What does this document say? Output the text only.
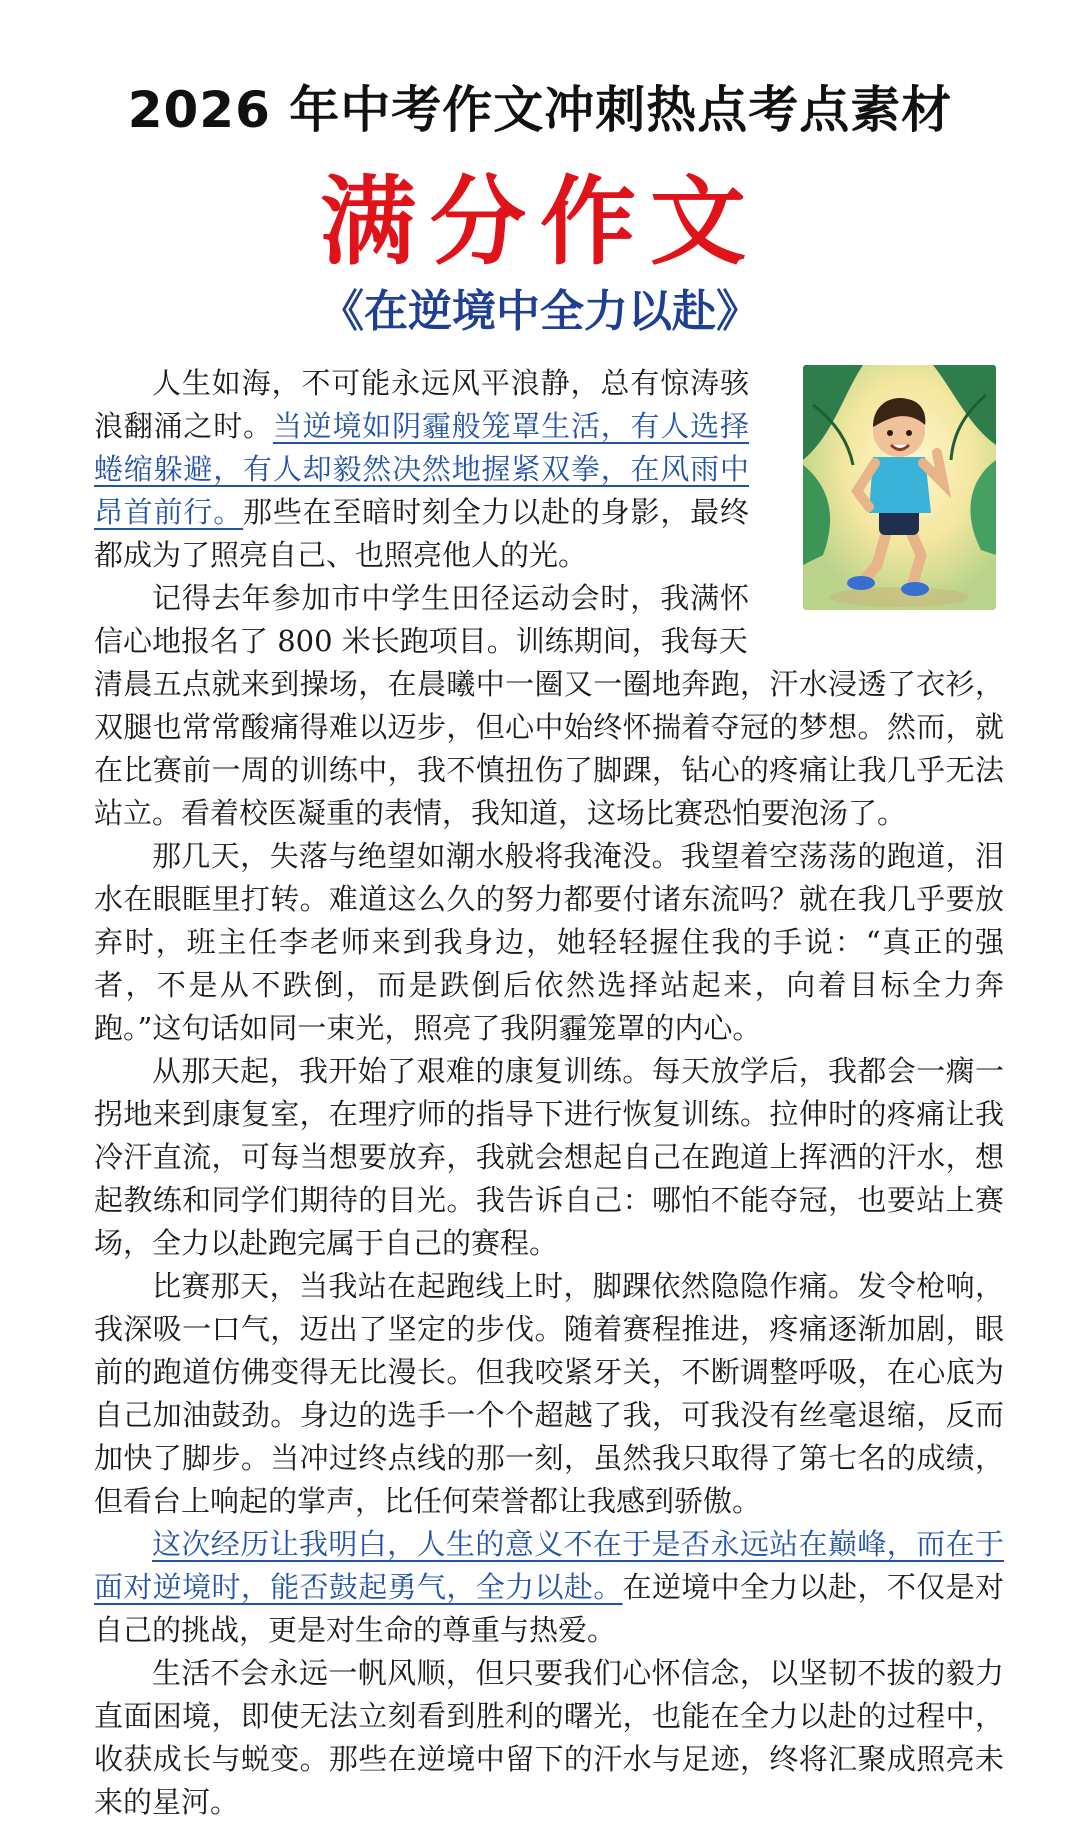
2026 年中考作文冲刺热点考点素材
满分作文
《在逆境中全力以赴》

人生如海，不可能永远风平浪静，总有惊涛骇浪翻涌之时。当逆境如阴霾般笼罩生活，有人选择蜷缩躲避，有人却毅然决然地握紧双拳，在风雨中昂首前行。那些在至暗时刻全力以赴的身影，最终都成为了照亮自己、也照亮他人的光。

记得去年参加市中学生田径运动会时，我满怀信心地报名了 800 米长跑项目。训练期间，我每天

清晨五点就来到操场，在晨曦中一圈又一圈地奔跑，汗水浸透了衣衫，双腿也常常酸痛得难以迈步，但心中始终怀揣着夺冠的梦想。然而，就在比赛前一周的训练中，我不慎扭伤了脚踝，钻心的疼痛让我几乎无法站立。看着校医凝重的表情，我知道，这场比赛恐怕要泡汤了。

那几天，失落与绝望如潮水般将我淹没。我望着空荡荡的跑道，泪水在眼眶里打转。难道这么久的努力都要付诸东流吗？就在我几乎要放弃时，班主任李老师来到我身边，她轻轻握住我的手说：“真正的强者，不是从不跌倒，而是跌倒后依然选择站起来，向着目标全力奔跑。”这句话如同一束光，照亮了我阴霾笼罩的内心。

从那天起，我开始了艰难的康复训练。每天放学后，我都会一瘸一拐地来到康复室，在理疗师的指导下进行恢复训练。拉伸时的疼痛让我冷汗直流，可每当想要放弃，我就会想起自己在跑道上挥洒的汗水，想起教练和同学们期待的目光。我告诉自己：哪怕不能夺冠，也要站上赛场，全力以赴跑完属于自己的赛程。

比赛那天，当我站在起跑线上时，脚踝依然隐隐作痛。发令枪响，我深吸一口气，迈出了坚定的步伐。随着赛程推进，疼痛逐渐加剧，眼前的跑道仿佛变得无比漫长。但我咬紧牙关，不断调整呼吸，在心底为自己加油鼓劲。身边的选手一个个超越了我，可我没有丝毫退缩，反而加快了脚步。当冲过终点线的那一刻，虽然我只取得了第七名的成绩，但看台上响起的掌声，比任何荣誉都让我感到骄傲。

这次经历让我明白，人生的意义不在于是否永远站在巅峰，而在于面对逆境时，能否鼓起勇气，全力以赴。在逆境中全力以赴，不仅是对自己的挑战，更是对生命的尊重与热爱。

生活不会永远一帆风顺，但只要我们心怀信念，以坚韧不拔的毅力直面困境，即使无法立刻看到胜利的曙光，也能在全力以赴的过程中，收获成长与蜕变。那些在逆境中留下的汗水与足迹，终将汇聚成照亮未来的星河。
